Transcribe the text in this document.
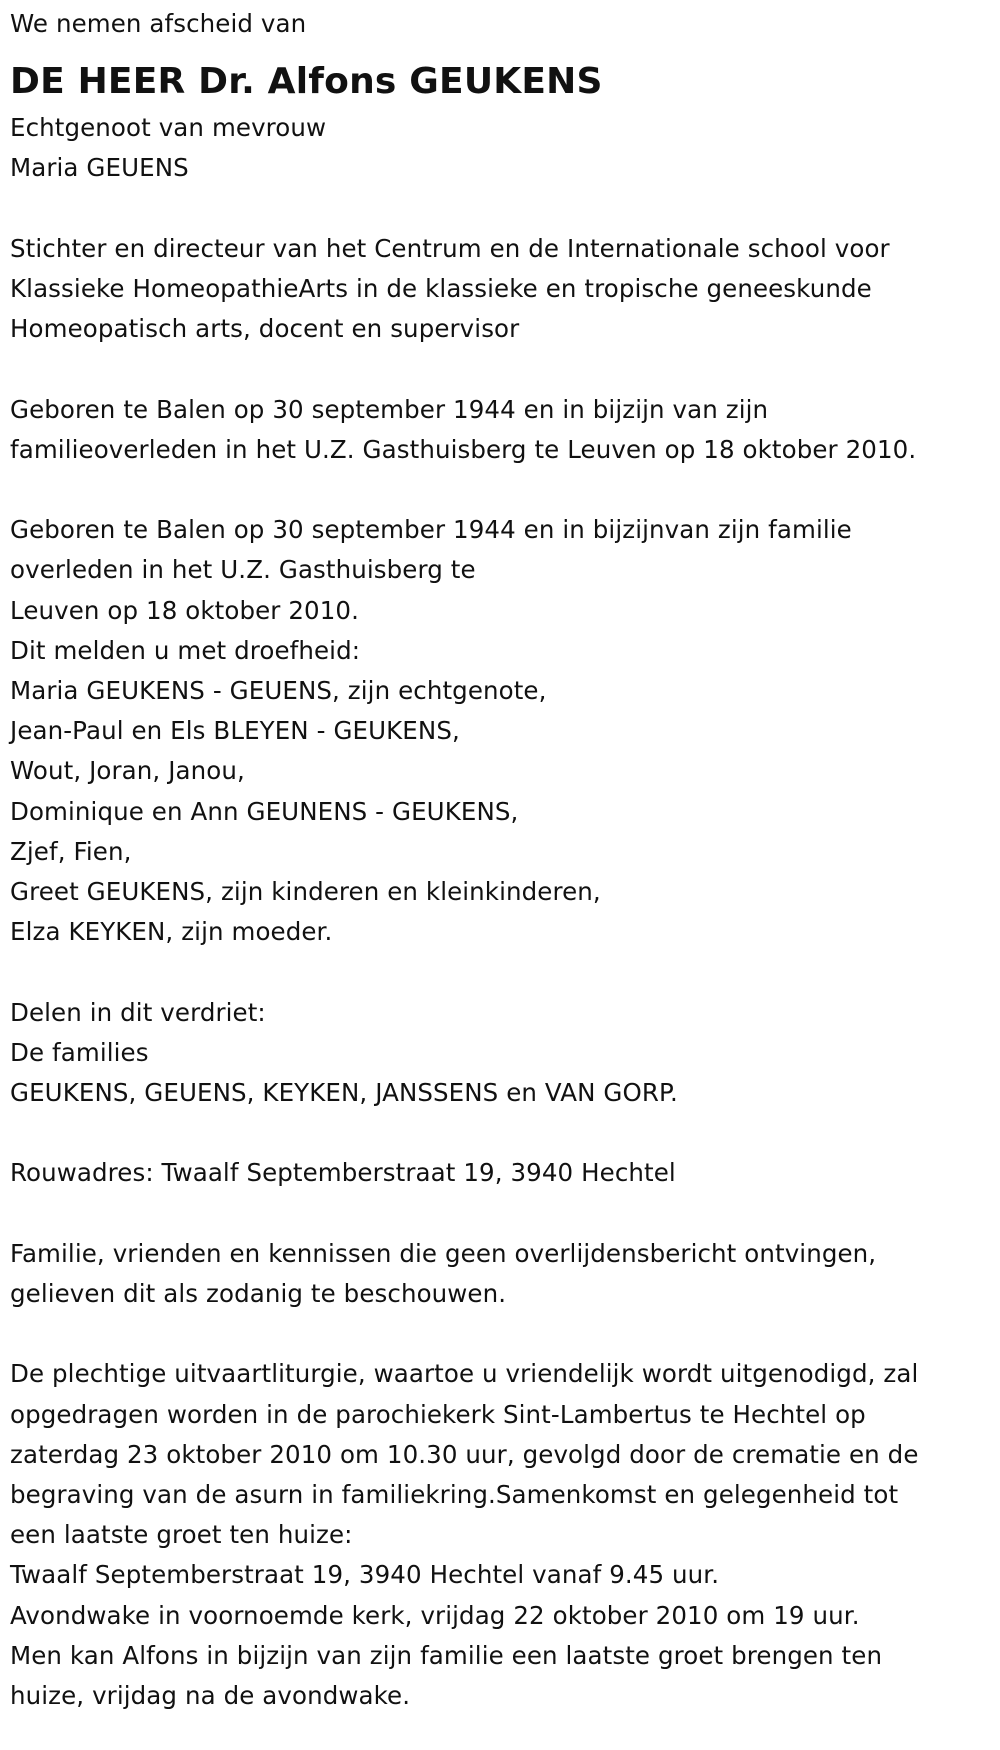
We nemen afscheid van
DE HEER Dr. Alfons GEUKENS
Echtgenoot van mevrouw
Maria GEUENS
Stichter en directeur van het Centrum en de Internationale school voor
Klassieke HomeopathieArts in de klassieke en tropische geneeskunde
Homeopatisch arts, docent en supervisor
Geboren te Balen op 30 september 1944 en in bijzijn van zijn
familieoverleden in het U.Z. Gasthuisberg te Leuven op 18 oktober 2010.
Geboren te Balen op 30 september 1944 en in bijzijnvan zijn familie
overleden in het U.Z. Gasthuisberg te
Leuven op 18 oktober 2010.
Dit melden u met droefheid:
Maria GEUKENS - GEUENS, zijn echtgenote,
Jean-Paul en Els BLEYEN - GEUKENS,
Wout, Joran, Janou,
Dominique en Ann GEUNENS - GEUKENS,
Zjef, Fien,
Greet GEUKENS, zijn kinderen en kleinkinderen,
Elza KEYKEN, zijn moeder.
Delen in dit verdriet:
De families
GEUKENS, GEUENS, KEYKEN, JANSSENS en VAN GORP.
Rouwadres: Twaalf Septemberstraat 19, 3940 Hechtel
Familie, vrienden en kennissen die geen overlijdensbericht ontvingen,
gelieven dit als zodanig te beschouwen.
De plechtige uitvaartliturgie, waartoe u vriendelijk wordt uitgenodigd, zal
opgedragen worden in de parochiekerk Sint-Lambertus te Hechtel op
zaterdag 23 oktober 2010 om 10.30 uur, gevolgd door de crematie en de
begraving van de asurn in familiekring.Samenkomst en gelegenheid tot
een laatste groet ten huize:
Twaalf Septemberstraat 19, 3940 Hechtel vanaf 9.45 uur.
Avondwake in voornoemde kerk, vrijdag 22 oktober 2010 om 19 uur.
Men kan Alfons in bijzijn van zijn familie een laatste groet brengen ten
huize, vrijdag na de avondwake.
